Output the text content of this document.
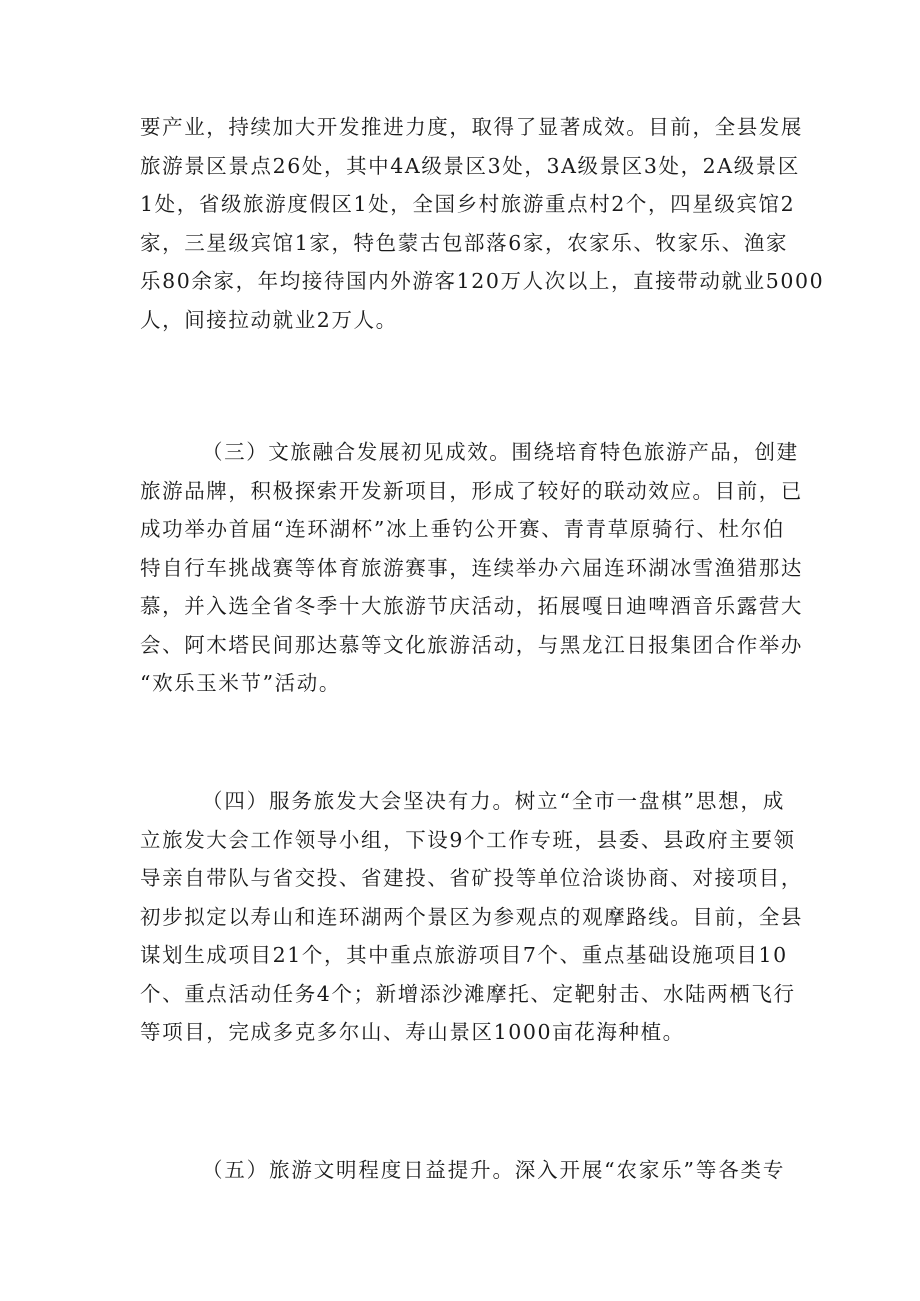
要产业，持续加大开发推进力度，取得了显著成效。目前，全县发展
旅游景区景点26处，其中4A级景区3处，3A级景区3处，2A级景区
1处，省级旅游度假区1处，全国乡村旅游重点村2个，四星级宾馆2
家，三星级宾馆1家，特色蒙古包部落6家，农家乐、牧家乐、渔家
乐80余家，年均接待国内外游客120万人次以上，直接带动就业5000
人，间接拉动就业2万人。

（三）文旅融合发展初见成效。围绕培育特色旅游产品，创建
旅游品牌，积极探索开发新项目，形成了较好的联动效应。目前，已
成功举办首届“连环湖杯”冰上垂钓公开赛、青青草原骑行、杜尔伯
特自行车挑战赛等体育旅游赛事，连续举办六届连环湖冰雪渔猎那达
慕，并入选全省冬季十大旅游节庆活动，拓展嘎日迪啤酒音乐露营大
会、阿木塔民间那达慕等文化旅游活动，与黑龙江日报集团合作举办
“欢乐玉米节”活动。

（四）服务旅发大会坚决有力。树立“全市一盘棋”思想，成
立旅发大会工作领导小组，下设9个工作专班，县委、县政府主要领
导亲自带队与省交投、省建投、省矿投等单位洽谈协商、对接项目，
初步拟定以寿山和连环湖两个景区为参观点的观摩路线。目前，全县
谋划生成项目21个，其中重点旅游项目7个、重点基础设施项目10
个、重点活动任务4个；新增添沙滩摩托、定靶射击、水陆两栖飞行
等项目，完成多克多尔山、寿山景区1000亩花海种植。

（五）旅游文明程度日益提升。深入开展“农家乐”等各类专
